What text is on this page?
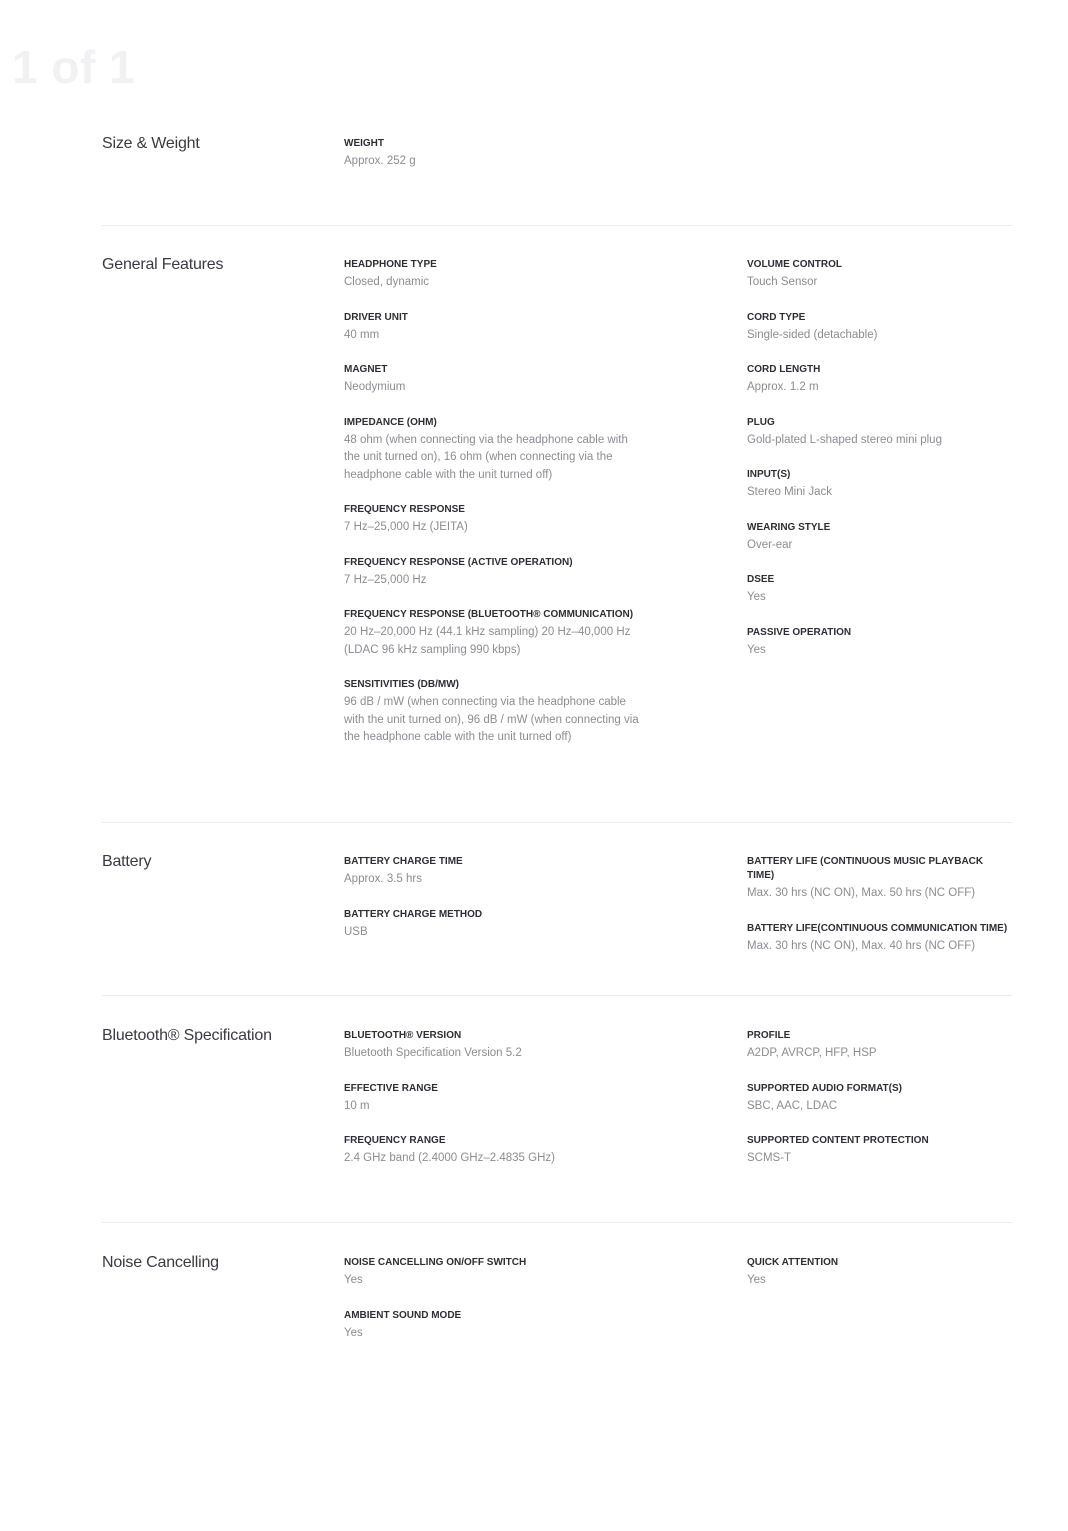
1 of 1
Size & Weight	WEIGHT
Approx. 252 g
General Features	HEADPHONE TYPE
Closed, dynamic
DRIVER UNIT
40 mm
MAGNET
Neodymium
IMPEDANCE (OHM)
48 ohm (when connecting via the headphone cable with the unit turned on), 16 ohm (when connecting via the headphone cable with the unit turned off)
FREQUENCY RESPONSE
7 Hz–25,000 Hz (JEITA)
FREQUENCY RESPONSE (ACTIVE OPERATION)
7 Hz–25,000 Hz
FREQUENCY RESPONSE (BLUETOOTH® COMMUNICATION)
20 Hz–20,000 Hz (44.1 kHz sampling) 20 Hz–40,000 Hz (LDAC 96 kHz sampling 990 kbps)
SENSITIVITIES (DB/MW)
96 dB / mW (when connecting via the headphone cable with the unit turned on), 96 dB / mW (when connecting via the headphone cable with the unit turned off)
VOLUME CONTROL
Touch Sensor
CORD TYPE
Single-sided (detachable)
CORD LENGTH
Approx. 1.2 m
PLUG
Gold-plated L-shaped stereo mini plug
INPUT(S)
Stereo Mini Jack
WEARING STYLE
Over-ear
DSEE
Yes
PASSIVE OPERATION
Yes
Battery	BATTERY CHARGE TIME
Approx. 3.5 hrs
BATTERY CHARGE METHOD
USB
BATTERY LIFE (CONTINUOUS MUSIC PLAYBACK TIME)
Max. 30 hrs (NC ON), Max. 50 hrs (NC OFF)
BATTERY LIFE(CONTINUOUS COMMUNICATION TIME)
Max. 30 hrs (NC ON), Max. 40 hrs (NC OFF)
Bluetooth® Specification	BLUETOOTH® VERSION
Bluetooth Specification Version 5.2
EFFECTIVE RANGE
10 m
FREQUENCY RANGE
2.4 GHz band (2.4000 GHz–2.4835 GHz)
PROFILE
A2DP, AVRCP, HFP, HSP
SUPPORTED AUDIO FORMAT(S)
SBC, AAC, LDAC
SUPPORTED CONTENT PROTECTION
SCMS-T
Noise Cancelling	NOISE CANCELLING ON/OFF SWITCH
Yes
AMBIENT SOUND MODE
Yes
QUICK ATTENTION
Yes
